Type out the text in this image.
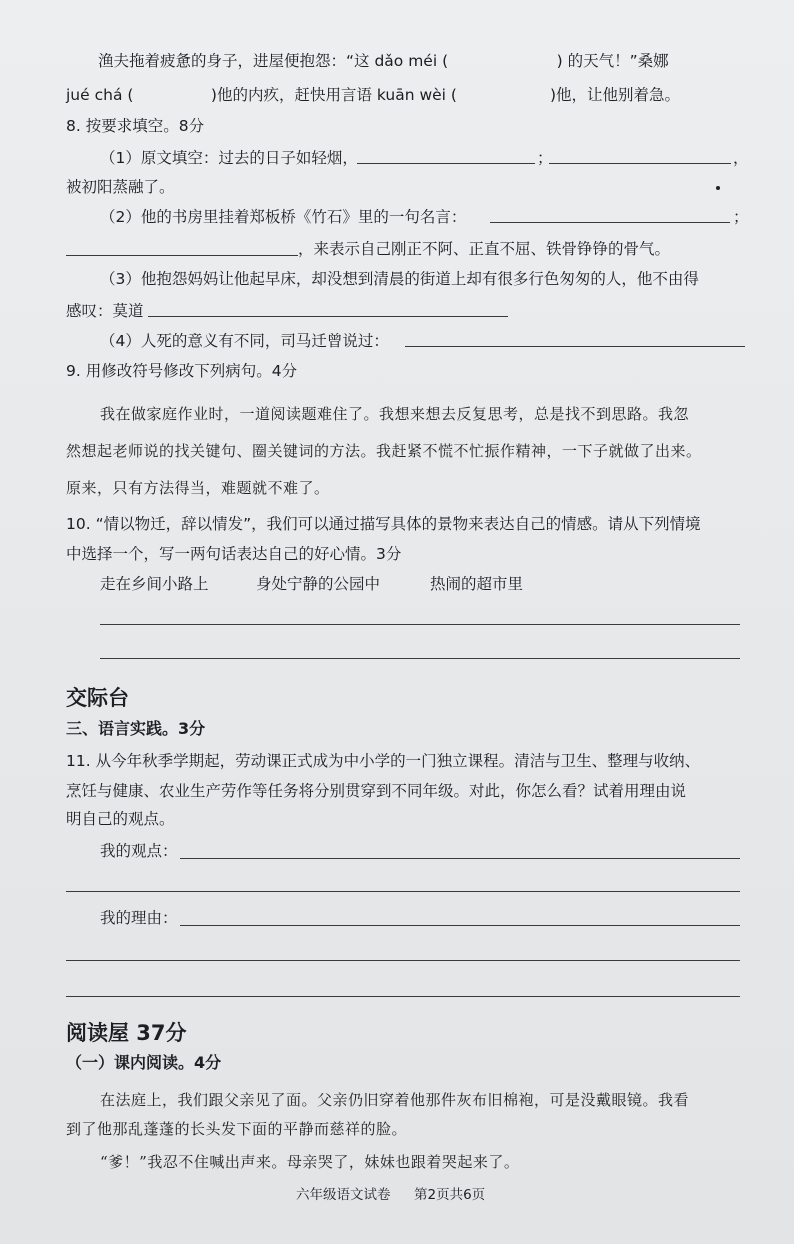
渔夫拖着疲惫的身子，进屋便抱怨：“这 dǎo méi (　　　　　　　) 的天气！”桑娜
jué chá (　　　　　)他的内疚，赶快用言语 kuān wèi (　　　　　　)他，让他别着急。
8. 按要求填空。8分
（1）原文填空：过去的日子如轻烟，	；	，
被初阳蒸融了。
（2）他的书房里挂着郑板桥《竹石》里的一句名言：	；
，来表示自己刚正不阿、正直不屈、铁骨铮铮的骨气。
（3）他抱怨妈妈让他起早床，却没想到清晨的街道上却有很多行色匆匆的人，他不由得
感叹：莫道
（4）人死的意义有不同，司马迁曾说过：
9. 用修改符号修改下列病句。4分
我在做家庭作业时，一道阅读题难住了。我想来想去反复思考，总是找不到思路。我忽
然想起老师说的找关键句、圈关键词的方法。我赶紧不慌不忙振作精神，一下子就做了出来。
原来，只有方法得当，难题就不难了。
10. “情以物迁，辞以情发”，我们可以通过描写具体的景物来表达自己的情感。请从下列情境
中选择一个，写一两句话表达自己的好心情。3分
走在乡间小路上	身处宁静的公园中	热闹的超市里
交际台
三、语言实践。3分
11. 从今年秋季学期起，劳动课正式成为中小学的一门独立课程。清洁与卫生、整理与收纳、
烹饪与健康、农业生产劳作等任务将分别贯穿到不同年级。对此，你怎么看？试着用理由说
明自己的观点。
我的观点：
我的理由：
阅读屋 37分
（一）课内阅读。4分
在法庭上，我们跟父亲见了面。父亲仍旧穿着他那件灰布旧棉袍，可是没戴眼镜。我看
到了他那乱蓬蓬的长头发下面的平静而慈祥的脸。
“爹！”我忍不住喊出声来。母亲哭了，妹妹也跟着哭起来了。
六年级语文试卷 第2页共6页
